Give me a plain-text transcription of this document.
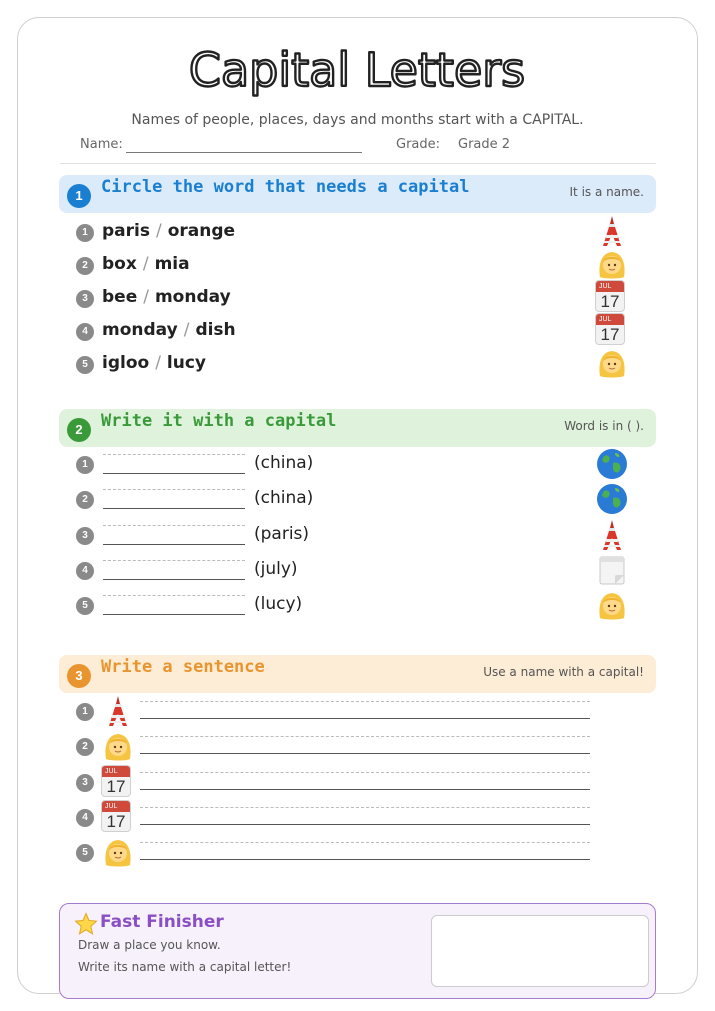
Capital Letters
Names of people, places, days and months start with a CAPITAL.
Name:	Grade: Grade 2
1	Circle the word that needs a capital	It is a name.
1 paris / orange
2 box / mia
3 bee / monday
JUL
17
4 monday / dish
JUL
17
5 igloo / lucy
2	Write it with a capital	Word is in ( ).
1	(china)
2	(china)
3	(paris)
4	(july)
5	(lucy)
3	Write a sentence	Use a name with a capital!
1
2
3
JUL
17
4
JUL
17
5
Fast Finisher
Draw a place you know.
Write its name with a capital letter!
